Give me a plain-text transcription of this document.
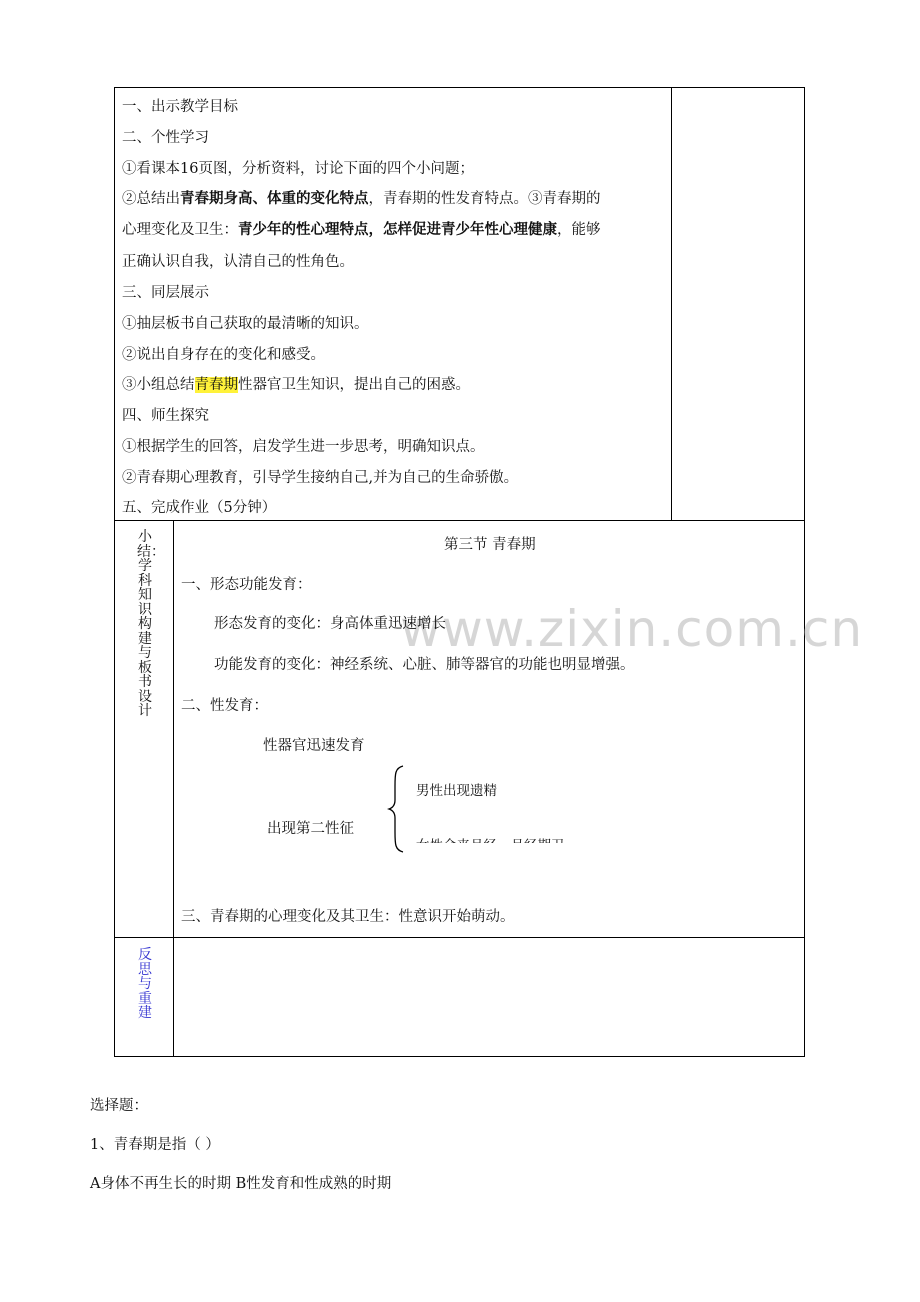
一、出示教学目标
二、个性学习
①看课本16页图，分析资料，讨论下面的四个小问题；
②总结出青春期身高、体重的变化特点，青春期的性发育特点。③青春期的
心理变化及卫生：青少年的性心理特点，怎样促进青少年性心理健康，能够
正确认识自我，认清自己的性角色。
三、同层展示
①抽层板书自己获取的最清晰的知识。
②说出自身存在的变化和感受。
③小组总结青春期性器官卫生知识，提出自己的困惑。
四、师生探究
①根据学生的回答，启发学生进一步思考，明确知识点。
②青春期心理教育，引导学生接纳自己,并为自己的生命骄傲。
五、完成作业（5分钟）
小结：学科知识构建与板书设计
www.zixin.com.cn
第三节 青春期
一、形态功能发育：
形态发育的变化：身高体重迅速增长
功能发育的变化：神经系统、心脏、肺等器官的功能也明显增强。
二、性发育：
性器官迅速发育
出现第二性征
男性出现遗精
三、青春期的心理变化及其卫生：性意识开始萌动。
反思与重建
选择题：
1、青春期是指（ ）
A身体不再生长的时期 B性发育和性成熟的时期
